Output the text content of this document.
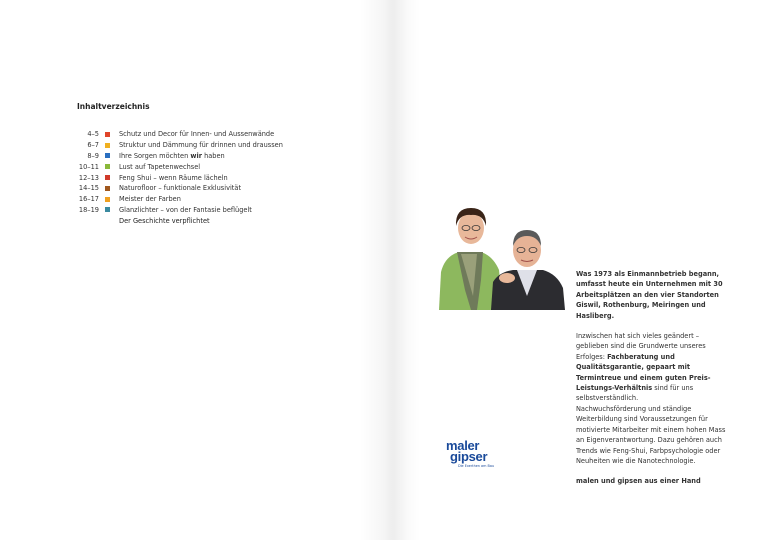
Inhaltverzeichnis
4–5	Schutz und Decor für Innen- und Aussenwände
6–7	Struktur und Dämmung für drinnen und draussen
8–9	Ihre Sorgen möchten wir haben
10–11	Lust auf Tapetenwechsel
12–13	Feng Shui – wenn Räume lächeln
14–15	Naturofloor – funktionale Exklusivität
16–17	Meister der Farben
18–19	Glanzlichter – von der Fantasie beflügelt
Der Geschichte verpflichtet
Was 1973 als Einmannbetrieb begann, umfasst heute ein Unternehmen mit 30 Arbeitsplätzen an den vier Standorten Giswil, Rothenburg, Meiringen und Hasliberg.
Inzwischen hat sich vieles geändert – geblieben sind die Grundwerte unseres Erfolges: Fachberatung und Qualitätsgarantie, gepaart mit Termintreue und einem guten Preis-Leistungs-Verhältnis sind für uns selbstverständlich.
Nachwuchsförderung und ständige Weiterbildung sind Voraussetzungen für motivierte Mitarbeiter mit einem hohen Mass an Eigenverantwortung. Dazu gehören auch Trends wie Feng-Shui, Farbpsychologie oder Neuheiten wie die Nanotechnologie.
malen und gipsen aus einer Hand
maler
gipser
Die Exerthen am Bau
